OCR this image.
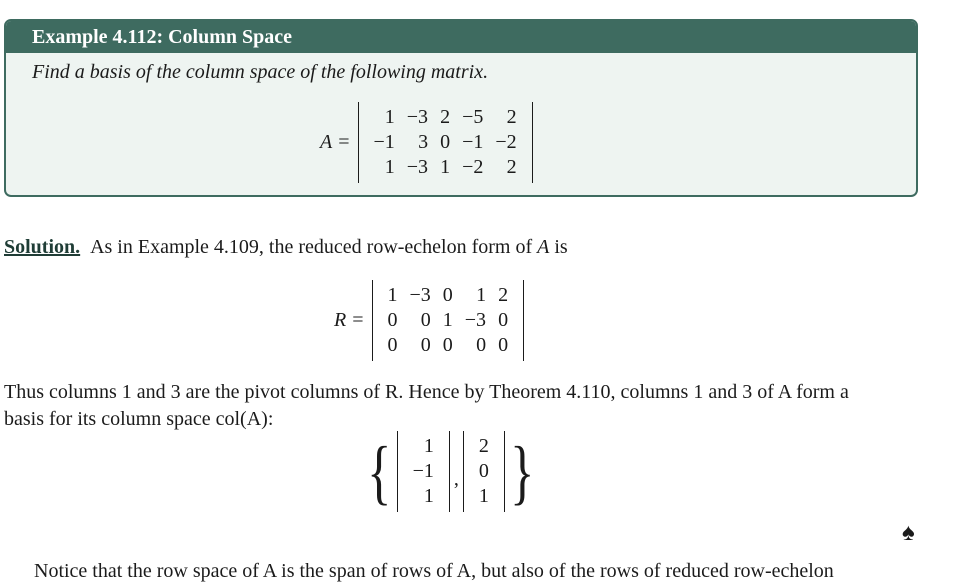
Example 4.112: Column Space
Find a basis of the column space of the following matrix.
A =
1	−3	2	−5	2
−1	3	0	−1	−2
1	−3	1	−2	2
Solution. As in Example 4.109, the reduced row-echelon form of A is
R =
1	−3	0	1	2
0	0	1	−3	0
0	0	0	0	0
Thus columns 1 and 3 are the pivot columns of R. Hence by Theorem 4.110, columns 1 and 3 of A form a
basis for its column space col(A):
{ 1
−1
1
,
2
0
1 }
♠
Notice that the row space of A is the span of rows of A, but also of the rows of reduced row-echelon
